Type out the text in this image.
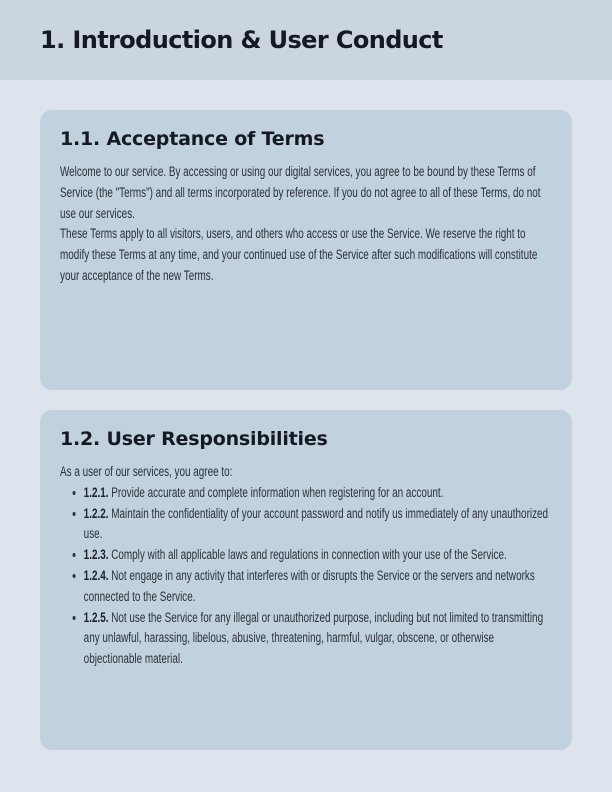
1. Introduction & User Conduct
1.1. Acceptance of Terms

Welcome to our service. By accessing or using our digital services, you agree to be bound by these Terms of Service (the "Terms") and all terms incorporated by reference. If you do not agree to all of these Terms, do not use our services.

These Terms apply to all visitors, users, and others who access or use the Service. We reserve the right to modify these Terms at any time, and your continued use of the Service after such modifications will constitute your acceptance of the new Terms.

1.2. User Responsibilities

As a user of our services, you agree to:

• 1.2.1. Provide accurate and complete information when registering for an account.
• 1.2.2. Maintain the confidentiality of your account password and notify us immediately of any unauthorized use.
• 1.2.3. Comply with all applicable laws and regulations in connection with your use of the Service.
• 1.2.4. Not engage in any activity that interferes with or disrupts the Service or the servers and networks connected to the Service.
• 1.2.5. Not use the Service for any illegal or unauthorized purpose, including but not limited to transmitting any unlawful, harassing, libelous, abusive, threatening, harmful, vulgar, obscene, or otherwise objectionable material.
